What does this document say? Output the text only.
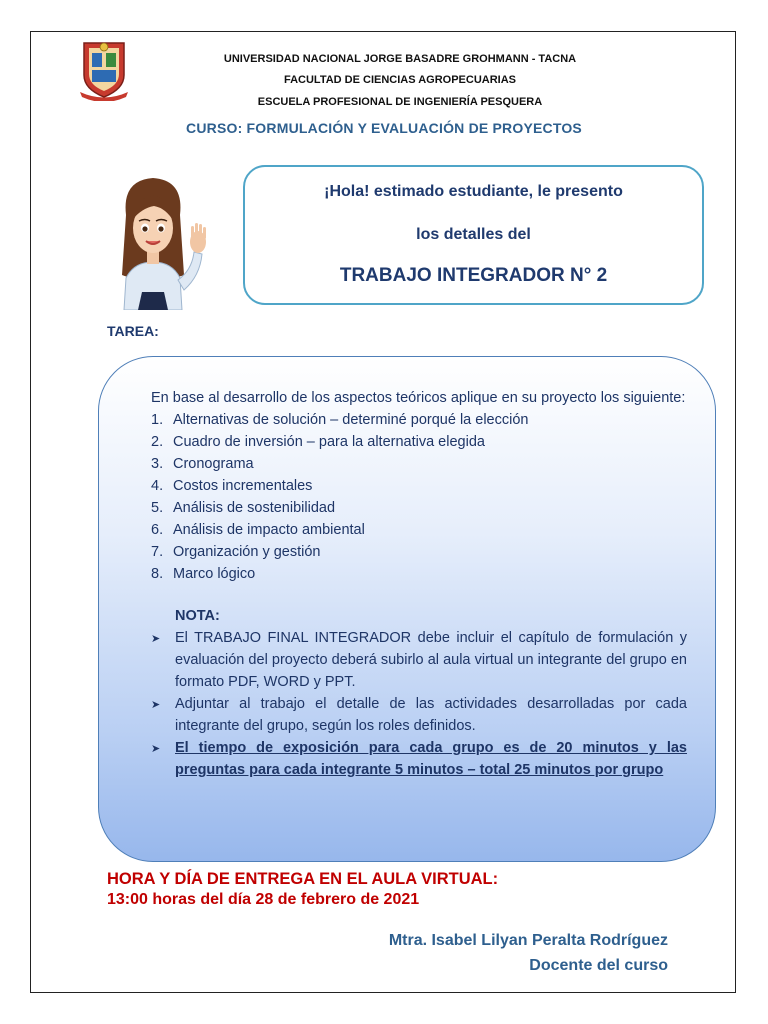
UNIVERSIDAD NACIONAL JORGE BASADRE GROHMANN - TACNA
FACULTAD DE CIENCIAS AGROPECUARIAS
ESCUELA PROFESIONAL DE INGENIERÍA PESQUERA
CURSO: FORMULACIÓN Y EVALUACIÓN DE PROYECTOS
¡Hola! estimado estudiante, le presento
los detalles del
TRABAJO INTEGRADOR N° 2
TAREA:
En base al desarrollo de los aspectos teóricos aplique en su proyecto los siguiente:
1. Alternativas de solución – determiné porqué la elección
2. Cuadro de inversión – para la alternativa elegida
3. Cronograma
4. Costos incrementales
5. Análisis de sostenibilidad
6. Análisis de impacto ambiental
7. Organización y gestión
8. Marco lógico
NOTA:
➤	El TRABAJO FINAL INTEGRADOR debe incluir el capítulo de formulación y evaluación del proyecto deberá subirlo al aula virtual un integrante del grupo en formato PDF, WORD y PPT.
➤	Adjuntar al trabajo el detalle de las actividades desarrolladas por cada integrante del grupo, según los roles definidos.
➤	El tiempo de exposición para cada grupo es de 20 minutos y las preguntas para cada integrante 5 minutos – total 25 minutos por grupo
HORA Y DÍA DE ENTREGA EN EL AULA VIRTUAL:
13:00 horas del día 28 de febrero de 2021
Mtra. Isabel Lilyan Peralta Rodríguez
Docente del curso
